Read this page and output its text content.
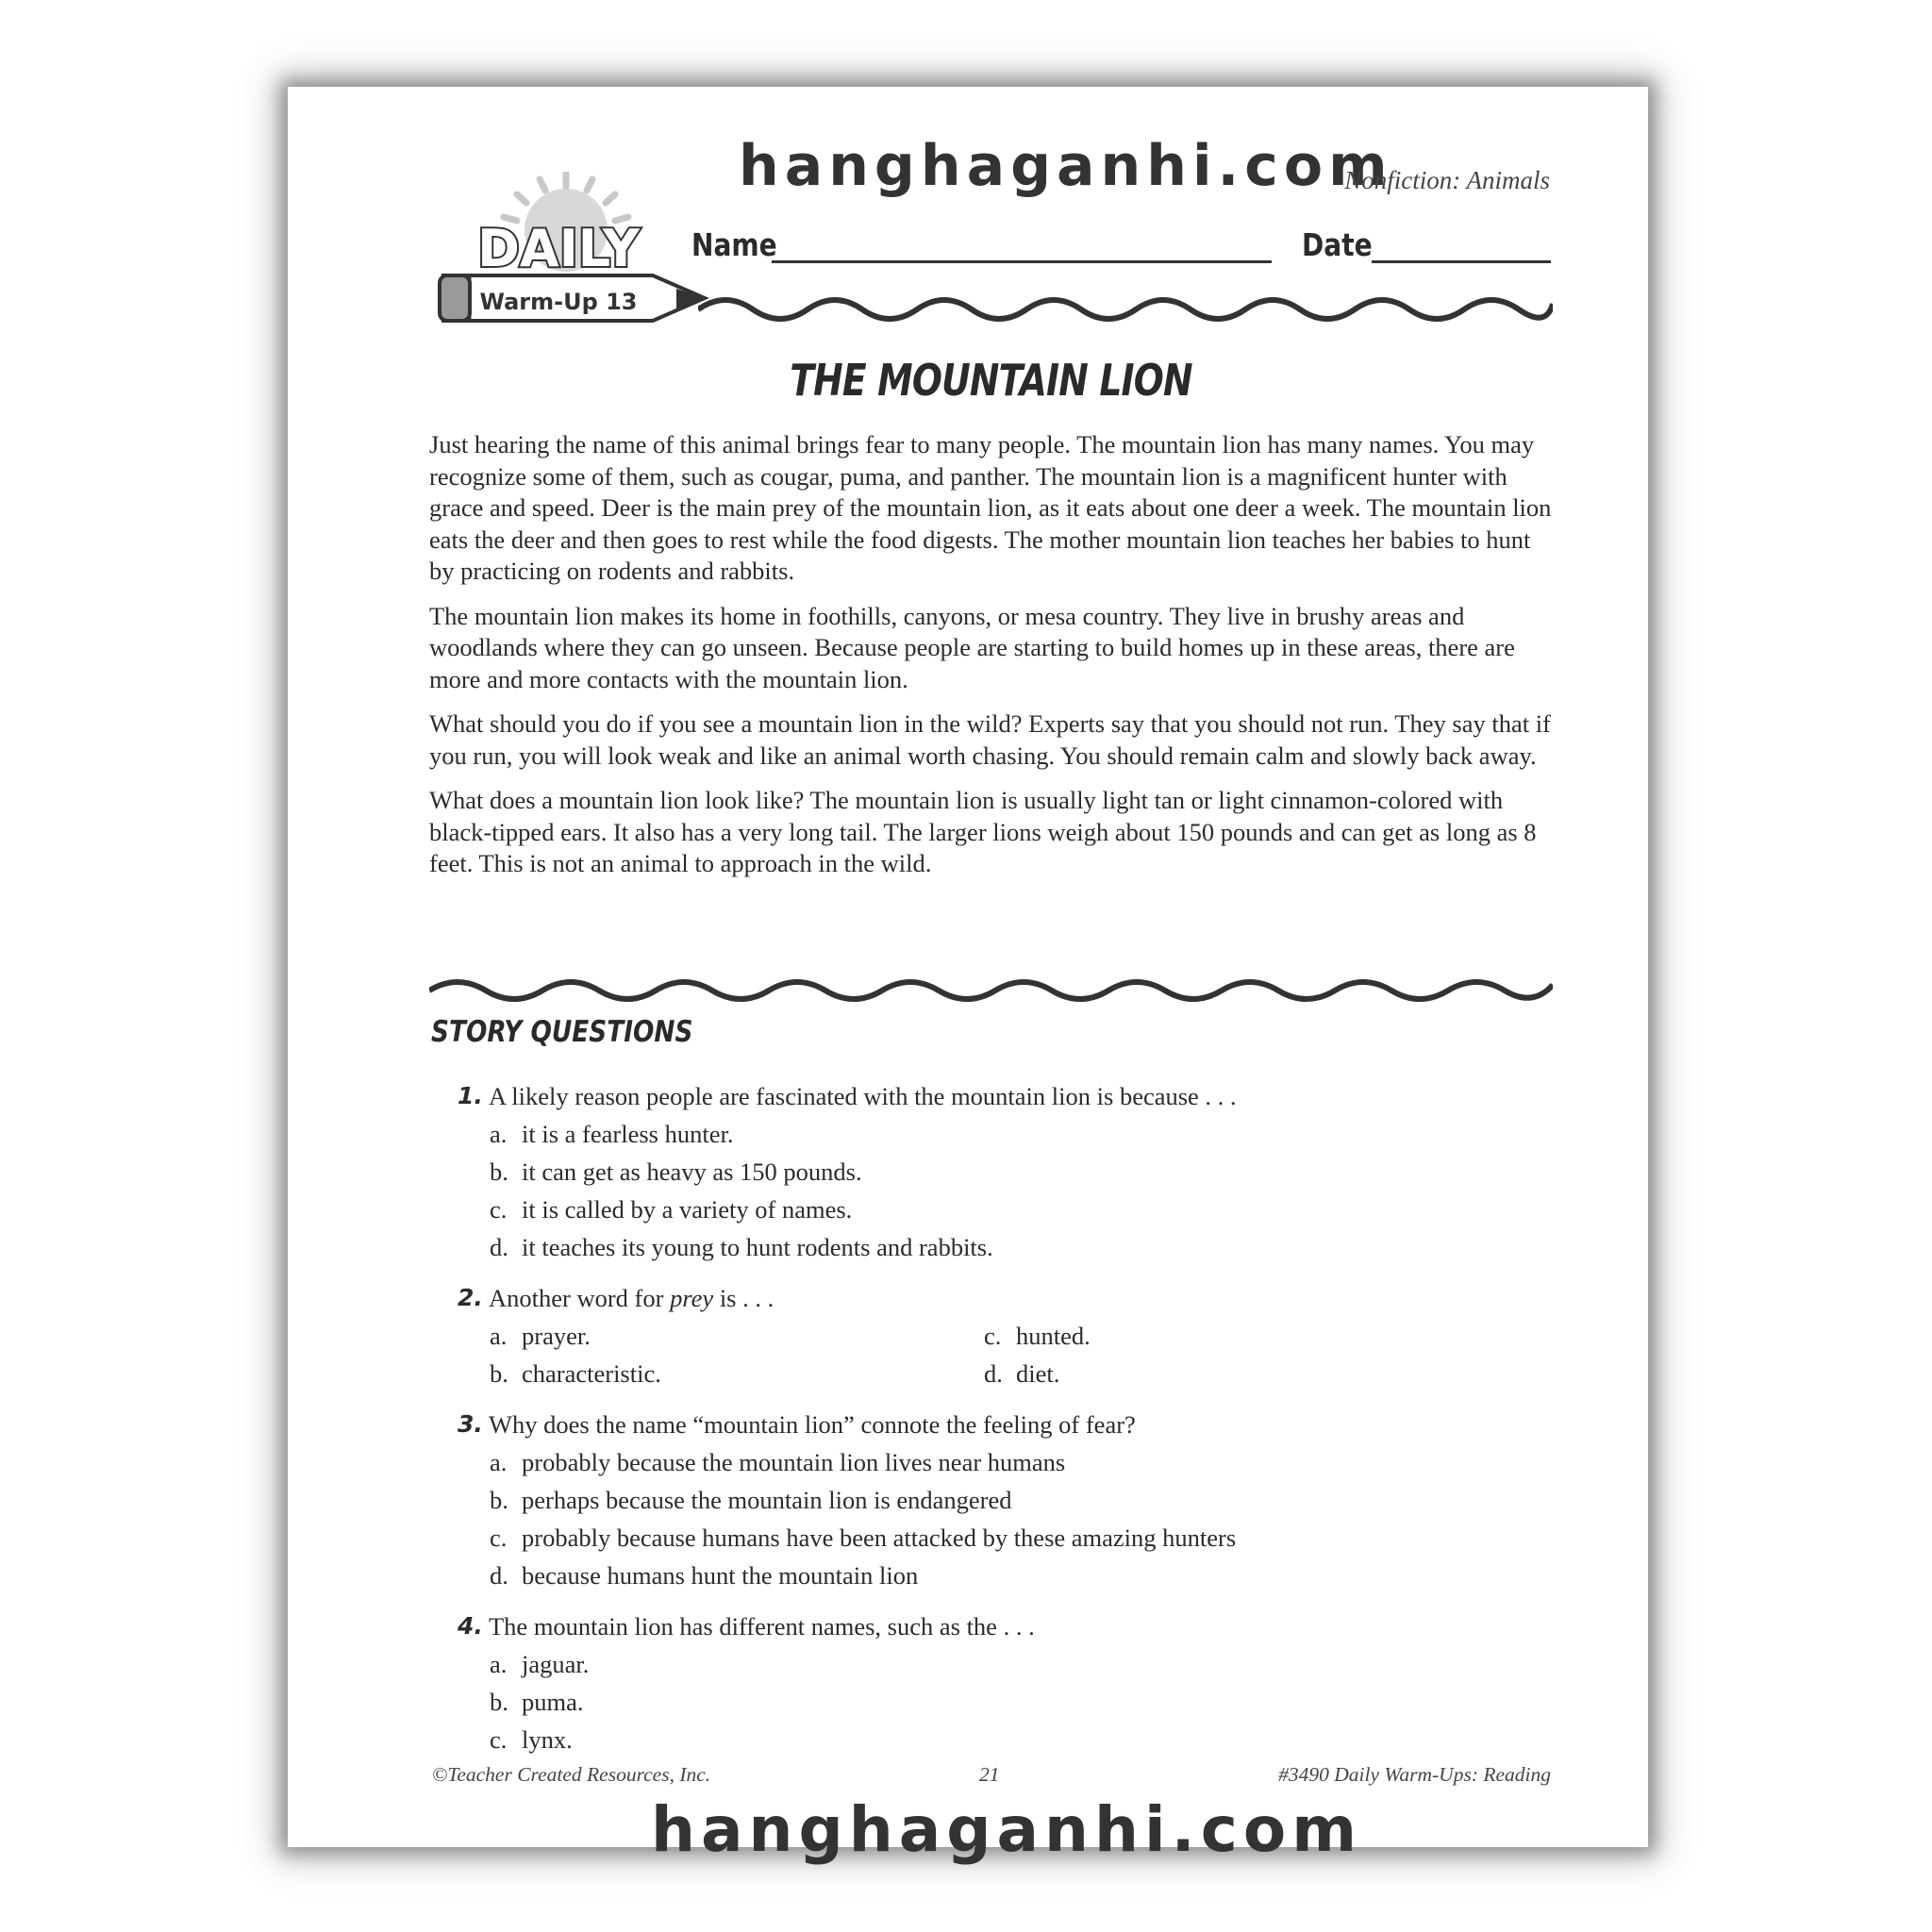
hanghaganhi.com
Nonfiction: Animals
DAILY
Warm-Up 13
Name	Date
THE MOUNTAIN LION

Just hearing the name of this animal brings fear to many people. The mountain lion has many names. You may recognize some of them, such as cougar, puma, and panther. The mountain lion is a magnificent hunter with grace and speed. Deer is the main prey of the mountain lion, as it eats about one deer a week. The mountain lion eats the deer and then goes to rest while the food digests. The mother mountain lion teaches her babies to hunt by practicing on rodents and rabbits.

The mountain lion makes its home in foothills, canyons, or mesa country. They live in brushy areas and woodlands where they can go unseen. Because people are starting to build homes up in these areas, there are more and more contacts with the mountain lion.

What should you do if you see a mountain lion in the wild? Experts say that you should not run. They say that if you run, you will look weak and like an animal worth chasing. You should remain calm and slowly back away.

What does a mountain lion look like? The mountain lion is usually light tan or light cinnamon-colored with black-tipped ears. It also has a very long tail. The larger lions weigh about 150 pounds and can get as long as 8 feet. This is not an animal to approach in the wild.

STORY QUESTIONS
1. A likely reason people are fascinated with the mountain lion is because . . .
a. it is a fearless hunter.
b. it can get as heavy as 150 pounds.
c. it is called by a variety of names.
d. it teaches its young to hunt rodents and rabbits.
2. Another word for prey is . . .
a. prayer.	c. hunted.
b. characteristic.	d. diet.
3. Why does the name “mountain lion” connote the feeling of fear?
a. probably because the mountain lion lives near humans
b. perhaps because the mountain lion is endangered
c. probably because humans have been attacked by these amazing hunters
d. because humans hunt the mountain lion
4. The mountain lion has different names, such as the . . .
a. jaguar.
b. puma.
c. lynx.
©Teacher Created Resources, Inc.	21	#3490 Daily Warm-Ups: Reading
hanghaganhi.com
